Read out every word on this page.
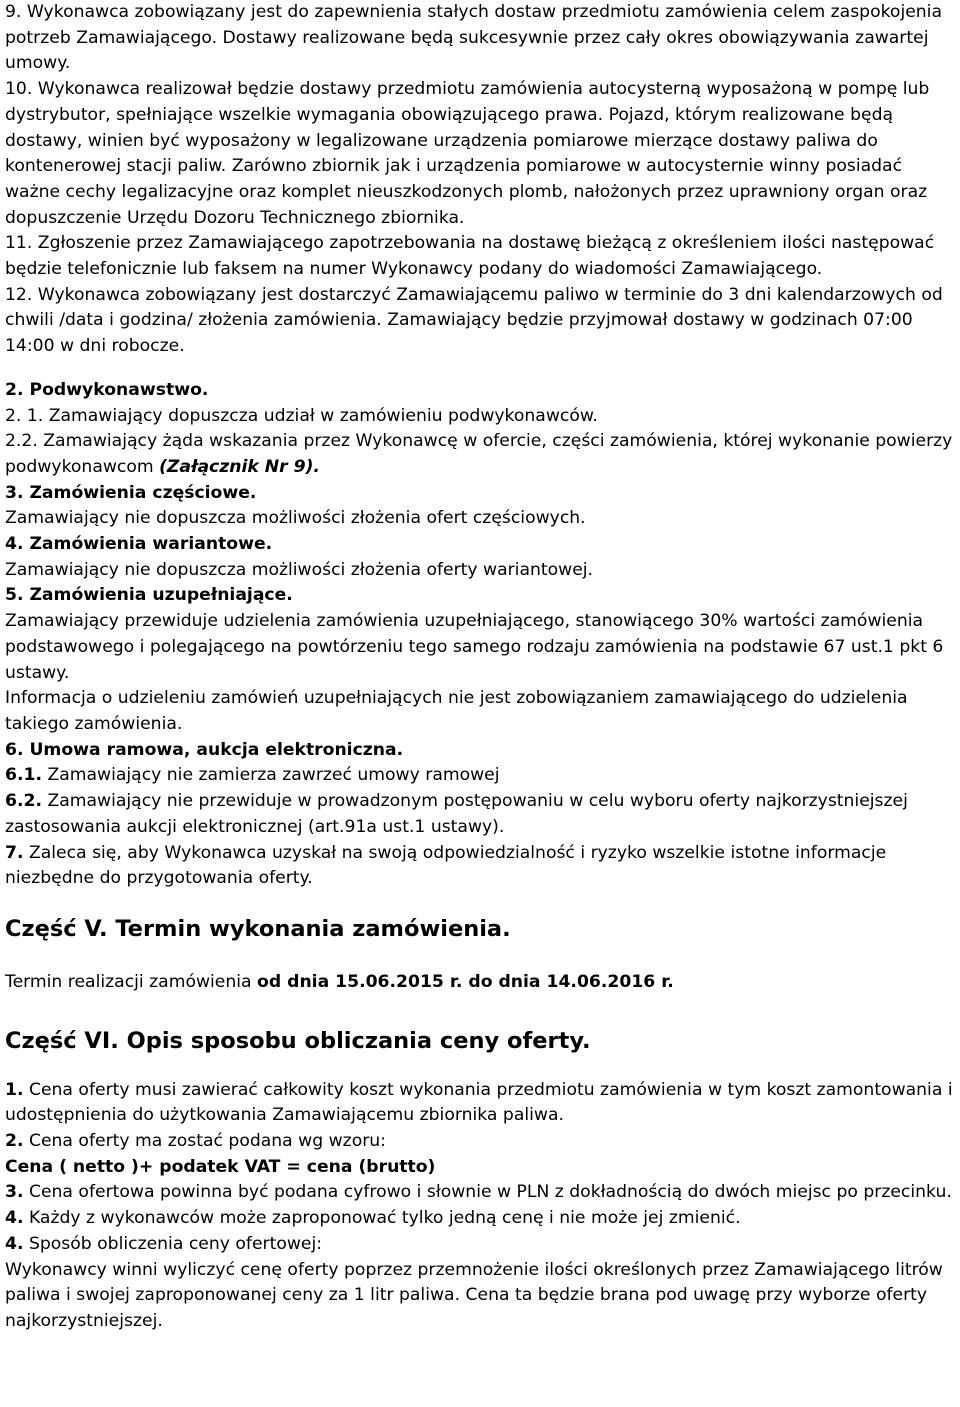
9. Wykonawca zobowiązany jest do zapewnienia stałych dostaw przedmiotu zamówienia celem zaspokojenia potrzeb Zamawiającego. Dostawy realizowane będą sukcesywnie przez cały okres obowiązywania zawartej umowy.

10. Wykonawca realizował będzie dostawy przedmiotu zamówienia autocysterną wyposażoną w pompę lub dystrybutor, spełniające wszelkie wymagania obowiązującego prawa. Pojazd, którym realizowane będą dostawy, winien być wyposażony w legalizowane urządzenia pomiarowe mierzące dostawy paliwa do kontenerowej stacji paliw. Zarówno zbiornik jak i urządzenia pomiarowe w autocysternie winny posiadać ważne cechy legalizacyjne oraz komplet nieuszkodzonych plomb, nałożonych przez uprawniony organ oraz dopuszczenie Urzędu Dozoru Technicznego zbiornika.

11. Zgłoszenie przez Zamawiającego zapotrzebowania na dostawę bieżącą z określeniem ilości następować będzie telefonicznie lub faksem na numer Wykonawcy podany do wiadomości Zamawiającego.

12. Wykonawca zobowiązany jest dostarczyć Zamawiającemu paliwo w terminie do 3 dni kalendarzowych od chwili /data i godzina/ złożenia zamówienia. Zamawiający będzie przyjmował dostawy w godzinach 07:00 14:00 w dni robocze.

2. Podwykonawstwo.

2. 1. Zamawiający dopuszcza udział w zamówieniu podwykonawców.

2.2. Zamawiający żąda wskazania przez Wykonawcę w ofercie, części zamówienia, której wykonanie powierzy podwykonawcom (Załącznik Nr 9).

3. Zamówienia częściowe.

Zamawiający nie dopuszcza możliwości złożenia ofert częściowych.

4. Zamówienia wariantowe.

Zamawiający nie dopuszcza możliwości złożenia oferty wariantowej.

5. Zamówienia uzupełniające.

Zamawiający przewiduje udzielenia zamówienia uzupełniającego, stanowiącego 30% wartości zamówienia podstawowego i polegającego na powtórzeniu tego samego rodzaju zamówienia na podstawie 67 ust.1 pkt 6 ustawy.

Informacja o udzieleniu zamówień uzupełniających nie jest zobowiązaniem zamawiającego do udzielenia takiego zamówienia.

6. Umowa ramowa, aukcja elektroniczna.

6.1. Zamawiający nie zamierza zawrzeć umowy ramowej

6.2. Zamawiający nie przewiduje w prowadzonym postępowaniu w celu wyboru oferty najkorzystniejszej zastosowania aukcji elektronicznej (art.91a ust.1 ustawy).

7. Zaleca się, aby Wykonawca uzyskał na swoją odpowiedzialność i ryzyko wszelkie istotne informacje niezbędne do przygotowania oferty.

Część V. Termin wykonania zamówienia.

Termin realizacji zamówienia od dnia 15.06.2015 r. do dnia 14.06.2016 r.

Część VI. Opis sposobu obliczania ceny oferty.

1. Cena oferty musi zawierać całkowity koszt wykonania przedmiotu zamówienia w tym koszt zamontowania i udostępnienia do użytkowania Zamawiającemu zbiornika paliwa.

2. Cena oferty ma zostać podana wg wzoru:

Cena ( netto )+ podatek VAT = cena (brutto)

3. Cena ofertowa powinna być podana cyfrowo i słownie w PLN z dokładnością do dwóch miejsc po przecinku.

4. Każdy z wykonawców może zaproponować tylko jedną cenę i nie może jej zmienić.

4. Sposób obliczenia ceny ofertowej:

Wykonawcy winni wyliczyć cenę oferty poprzez przemnożenie ilości określonych przez Zamawiającego litrów paliwa i swojej zaproponowanej ceny za 1 litr paliwa. Cena ta będzie brana pod uwagę przy wyborze oferty najkorzystniejszej.
